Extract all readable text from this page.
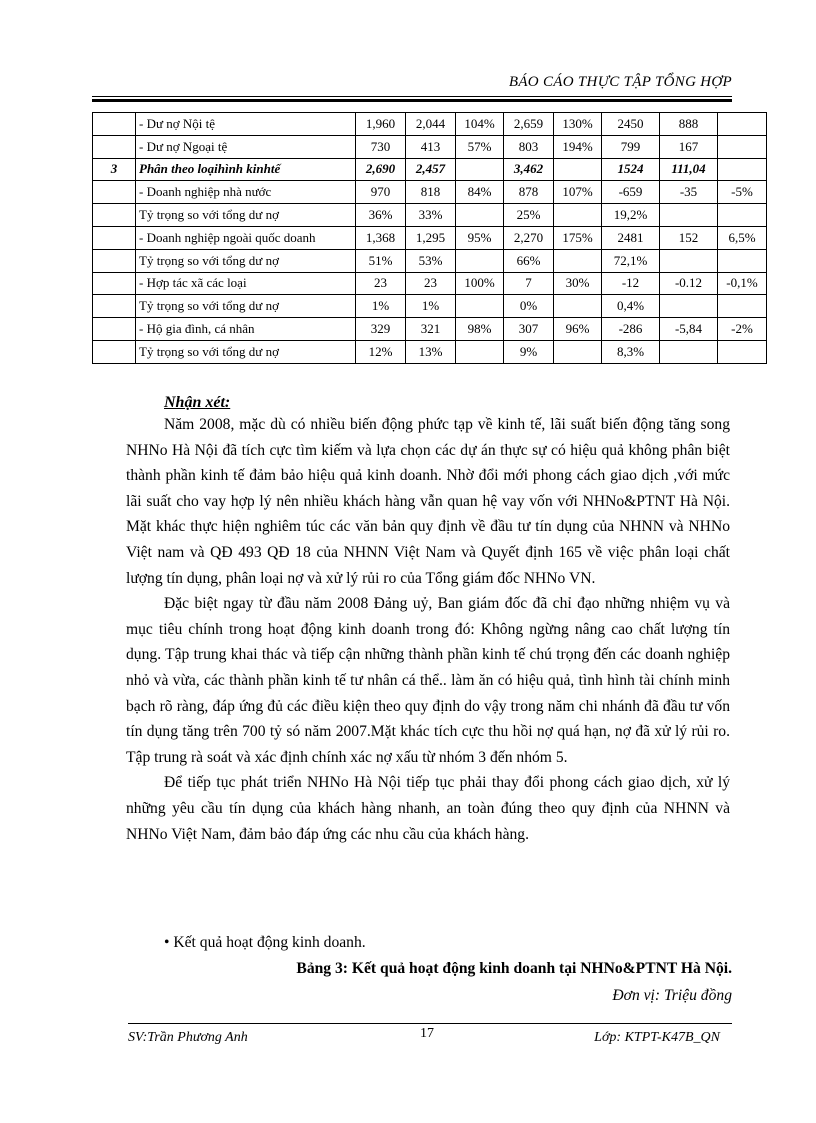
BÁO CÁO THỰC TẬP TỔNG HỢP
	- Dư nợ Nội tệ	1,960	2,044	104%	2,659	130%	2450	888	
	- Dư nợ Ngoại tệ	730	413	57%	803	194%	799	167	
3	Phân theo loạihình kinhtế	2,690	2,457		3,462		1524	111,04	
	- Doanh nghiệp nhà nước	970	818	84%	878	107%	-659	-35	-5%
	Tỷ trọng so với tổng dư nợ	36%	33%		25%		19,2%		
	- Doanh nghiệp ngoài quốc doanh	1,368	1,295	95%	2,270	175%	2481	152	6,5%
	Tỷ trọng so với tổng dư nợ	51%	53%		66%		72,1%		
	- Hợp tác xã các loại	23	23	100%	7	30%	-12	-0.12	-0,1%
	Tỷ trọng so với tổng dư nợ	1%	1%		0%		0,4%		
	- Hộ gia đình, cá nhân	329	321	98%	307	96%	-286	-5,84	-2%
	Tỷ trọng so với tổng dư nợ	12%	13%		9%		8,3%		
Nhận xét:

Năm 2008, mặc dù có nhiều biến động phức tạp về kinh tế, lãi suất biến động tăng song NHNo Hà Nội đã tích cực tìm kiếm và lựa chọn các dự án thực sự có hiệu quả không phân biệt thành phần kinh tế đảm bảo hiệu quả kinh doanh. Nhờ đổi mới phong cách giao dịch ,với mức lãi suất cho vay hợp lý nên nhiều khách hàng vẫn quan hệ vay vốn với NHNo&PTNT Hà Nội. Mặt khác thực hiện nghiêm túc các văn bản quy định về đầu tư tín dụng của NHNN và NHNo Việt nam và QĐ 493 QĐ 18 của NHNN Việt Nam và Quyết định 165 về việc phân loại chất lượng tín dụng, phân loại nợ và xử lý rủi ro của Tổng giám đốc NHNo VN.

Đặc biệt ngay từ đầu năm 2008 Đảng uỷ, Ban giám đốc đã chỉ đạo những nhiệm vụ và mục tiêu chính trong hoạt động kinh doanh trong đó: Không ngừng nâng cao chất lượng tín dụng. Tập trung khai thác và tiếp cận những thành phần kinh tế chú trọng đến các doanh nghiệp nhỏ và vừa, các thành phần kinh tế tư nhân cá thể.. làm ăn có hiệu quả, tình hình tài chính minh bạch rõ ràng, đáp ứng đủ các điều kiện theo quy định do vậy trong năm chi nhánh đã đầu tư vốn tín dụng tăng trên 700 tỷ só năm 2007.Mặt khác tích cực thu hồi nợ quá hạn, nợ đã xử lý rủi ro. Tập trung rà soát và xác định chính xác nợ xấu từ nhóm 3 đến nhóm 5.

Để tiếp tục phát triển NHNo Hà Nội tiếp tục phải thay đổi phong cách giao dịch, xử lý những yêu cầu tín dụng của khách hàng nhanh, an toàn đúng theo quy định của NHNN và NHNo Việt Nam, đảm bảo đáp ứng các nhu cầu của khách hàng.

• Kết quả hoạt động kinh doanh.
Bảng 3: Kết quả hoạt động kinh doanh tại NHNo&PTNT Hà Nội.
Đơn vị: Triệu đồng
SV:Trần Phương Anh	17	Lớp: KTPT-K47B_QN
